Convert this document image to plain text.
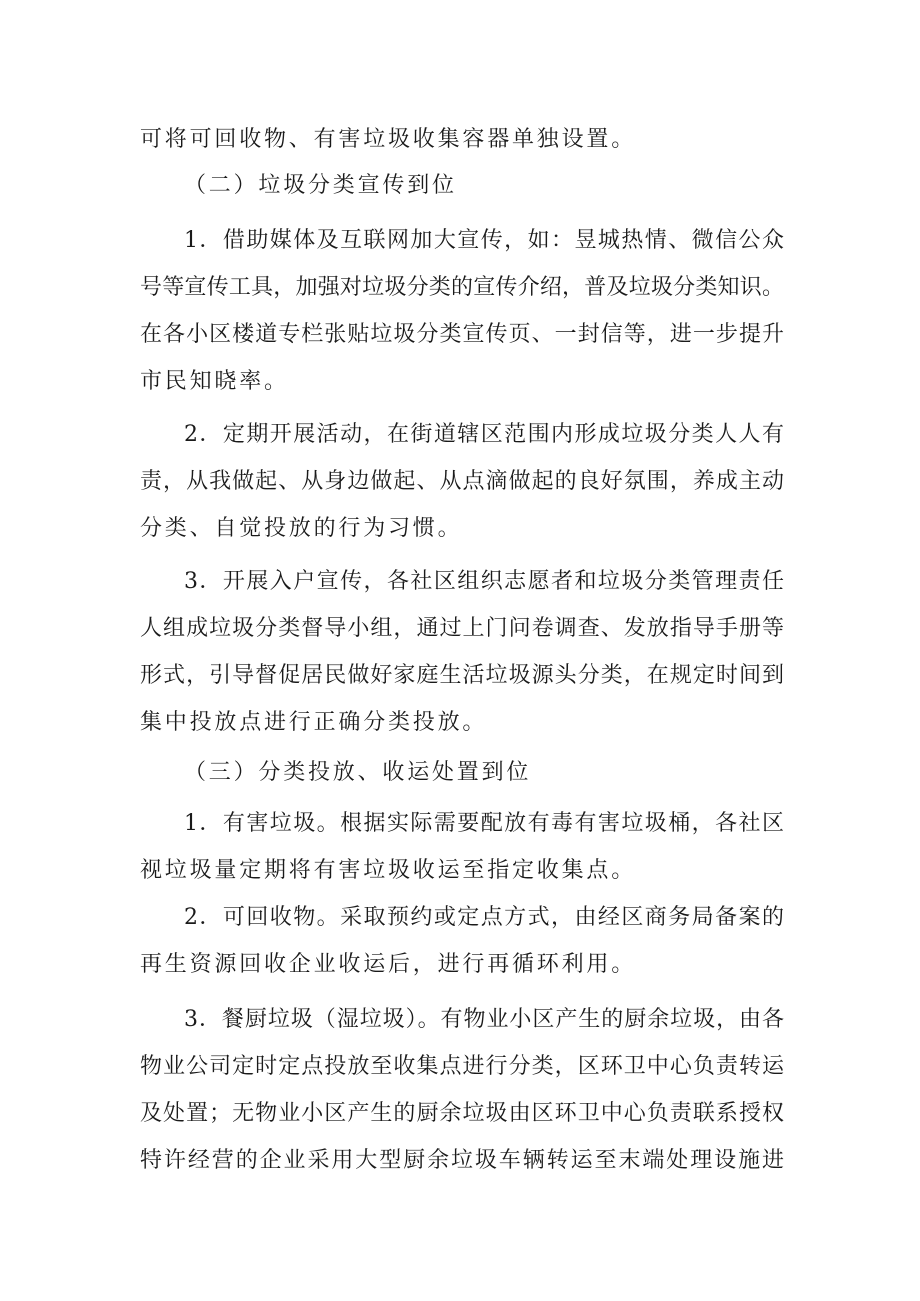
可将可回收物、有害垃圾收集容器单独设置。
（二）垃圾分类宣传到位
1．借助媒体及互联网加大宣传，如：昱城热情、微信公众
号等宣传工具，加强对垃圾分类的宣传介绍，普及垃圾分类知识。
在各小区楼道专栏张贴垃圾分类宣传页、一封信等，进一步提升
市民知晓率。
2．定期开展活动，在街道辖区范围内形成垃圾分类人人有
责，从我做起、从身边做起、从点滴做起的良好氛围，养成主动
分类、自觉投放的行为习惯。
3．开展入户宣传，各社区组织志愿者和垃圾分类管理责任
人组成垃圾分类督导小组，通过上门问卷调查、发放指导手册等
形式，引导督促居民做好家庭生活垃圾源头分类，在规定时间到
集中投放点进行正确分类投放。
（三）分类投放、收运处置到位
1．有害垃圾。根据实际需要配放有毒有害垃圾桶，各社区
视垃圾量定期将有害垃圾收运至指定收集点。
2．可回收物。采取预约或定点方式，由经区商务局备案的
再生资源回收企业收运后，进行再循环利用。
3．餐厨垃圾（湿垃圾）。有物业小区产生的厨余垃圾，由各
物业公司定时定点投放至收集点进行分类，区环卫中心负责转运
及处置；无物业小区产生的厨余垃圾由区环卫中心负责联系授权
特许经营的企业采用大型厨余垃圾车辆转运至末端处理设施进
